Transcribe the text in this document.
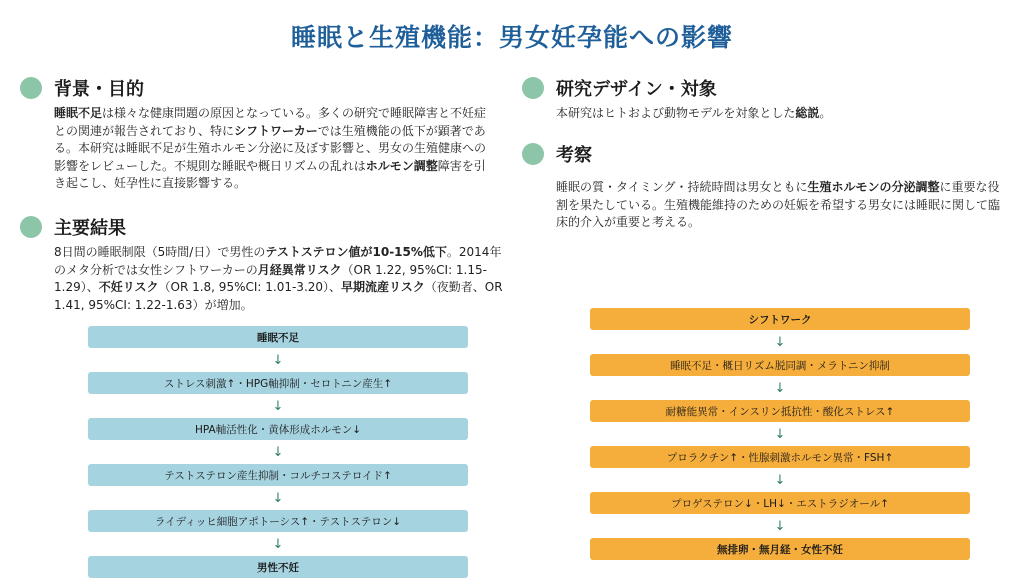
睡眠と生殖機能：男女妊孕能への影響
背景・目的
睡眠不足は様々な健康問題の原因となっている。多くの研究で睡眠障害と不妊症との関連が報告されており、特にシフトワーカーでは生殖機能の低下が顕著である。本研究は睡眠不足が生殖ホルモン分泌に及ぼす影響と、男女の生殖健康への影響をレビューした。不規則な睡眠や概日リズムの乱れはホルモン調整障害を引き起こし、妊孕性に直接影響する。
主要結果
8日間の睡眠制限（5時間/日）で男性のテストステロン値が10-15%低下。2014年のメタ分析では女性シフトワーカーの月経異常リスク（OR 1.22, 95%CI: 1.15-1.29）、不妊リスク（OR 1.8, 95%CI: 1.01-3.20）、早期流産リスク（夜勤者、OR 1.41, 95%CI: 1.22-1.63）が増加。
研究デザイン・対象
本研究はヒトおよび動物モデルを対象とした総説。
考察
睡眠の質・タイミング・持続時間は男女ともに生殖ホルモンの分泌調整に重要な役割を果たしている。生殖機能維持のための妊娠を希望する男女には睡眠に関して臨床的介入が重要と考える。
睡眠不足
↓
ストレス刺激↑・HPG軸抑制・セロトニン産生↑
↓
HPA軸活性化・黄体形成ホルモン↓
↓
テストステロン産生抑制・コルチコステロイド↑
↓
ライディッヒ細胞アポトーシス↑・テストステロン↓
↓
男性不妊
シフトワーク
↓
睡眠不足・概日リズム脱同調・メラトニン抑制
↓
耐糖能異常・インスリン抵抗性・酸化ストレス↑
↓
プロラクチン↑・性腺刺激ホルモン異常・FSH↑
↓
プロゲステロン↓・LH↓・エストラジオール↑
↓
無排卵・無月経・女性不妊
